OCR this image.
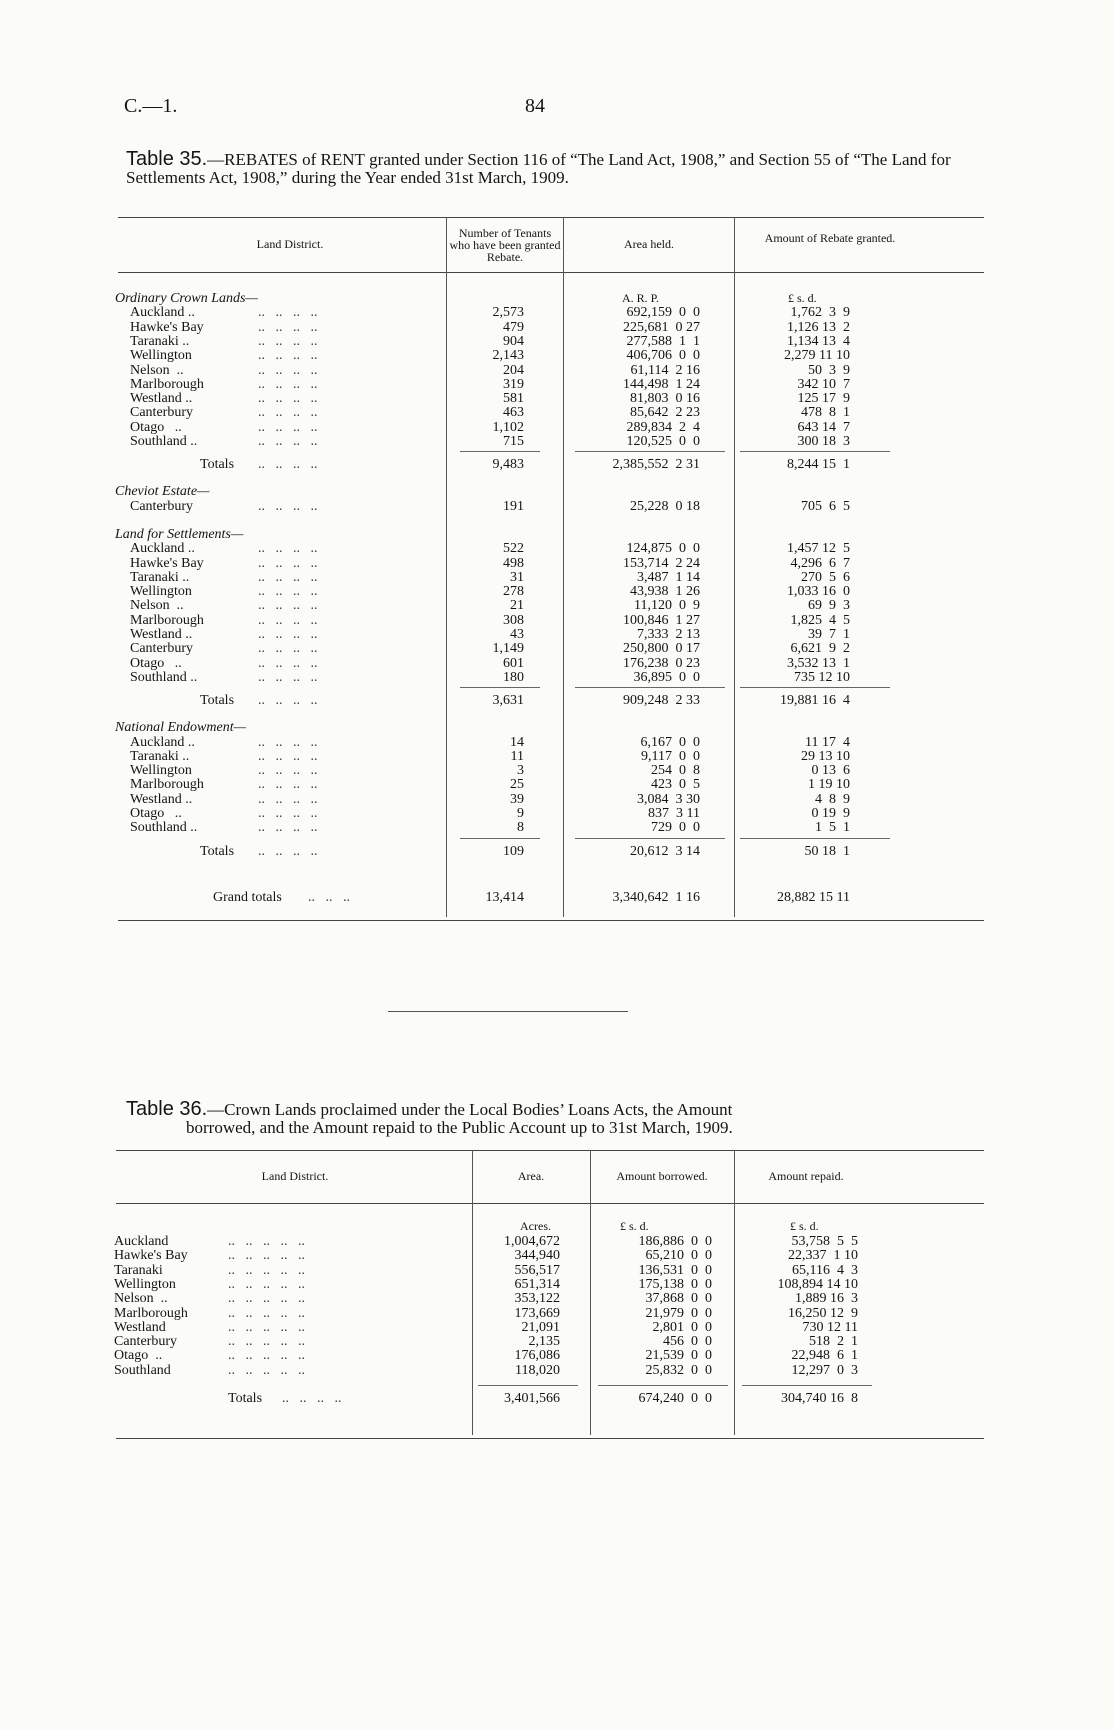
C.—1.	84
Table 35.—REBATES of RENT granted under Section 116 of “The Land Act, 1908,” and Section 55 of “The Land for Settlements Act, 1908,” during the Year ended 31st March, 1909.
Land District.
Number of Tenants who have been granted Rebate.
Area held.	Amount of Rebate granted.
A. R. P.	£ s. d.
Ordinary Crown Lands—
Auckland ..	..   ..   ..   ..	2,573	692,159  0  0	1,762  3  9
Hawke's Bay	..   ..   ..   ..	479	225,681  0 27	1,126 13  2
Taranaki ..	..   ..   ..   ..	904	277,588  1  1	1,134 13  4
Wellington	..   ..   ..   ..	2,143	406,706  0  0	2,279 11 10
Nelson  ..	..   ..   ..   ..	204	61,114  2 16	50  3  9
Marlborough	..   ..   ..   ..	319	144,498  1 24	342 10  7
Westland ..	..   ..   ..   ..	581	81,803  0 16	125 17  9
Canterbury	..   ..   ..   ..	463	85,642  2 23	478  8  1
Otago   ..	..   ..   ..   ..	1,102	289,834  2  4	643 14  7
Southland ..	..   ..   ..   ..	715	120,525  0  0	300 18  3
Totals ..   ..   ..   ..	9,483	2,385,552  2 31	8,244 15  1
Cheviot Estate—
Canterbury	..   ..   ..   ..	191	25,228  0 18	705  6  5
Land for Settlements—
Auckland ..	..   ..   ..   ..	522	124,875  0  0	1,457 12  5
Hawke's Bay	..   ..   ..   ..	498	153,714  2 24	4,296  6  7
Taranaki ..	..   ..   ..   ..	31	3,487  1 14	270  5  6
Wellington	..   ..   ..   ..	278	43,938  1 26	1,033 16  0
Nelson  ..	..   ..   ..   ..	21	11,120  0  9	69  9  3
Marlborough	..   ..   ..   ..	308	100,846  1 27	1,825  4  5
Westland ..	..   ..   ..   ..	43	7,333  2 13	39  7  1
Canterbury	..   ..   ..   ..	1,149	250,800  0 17	6,621  9  2
Otago   ..	..   ..   ..   ..	601	176,238  0 23	3,532 13  1
Southland ..	..   ..   ..   ..	180	36,895  0  0	735 12 10
Totals ..   ..   ..   ..	3,631	909,248  2 33	19,881 16  4
National Endowment—
Auckland ..	..   ..   ..   ..	14	6,167  0  0	11 17  4
Taranaki ..	..   ..   ..   ..	11	9,117  0  0	29 13 10
Wellington	..   ..   ..   ..	3	254  0  8	0 13  6
Marlborough	..   ..   ..   ..	25	423  0  5	1 19 10
Westland ..	..   ..   ..   ..	39	3,084  3 30	4  8  9
Otago   ..	..   ..   ..   ..	9	837  3 11	0 19  9
Southland ..	..   ..   ..   ..	8	729  0  0	1  5  1
Totals ..   ..   ..   ..	109	20,612  3 14	50 18  1
Grand totals ..   ..   ..	13,414	3,340,642  1 16	28,882 15 11
Table 36.—Crown Lands proclaimed under the Local Bodies’ Loans Acts, the Amount
borrowed, and the Amount repaid to the Public Account up to 31st March, 1909.
Land District.	Area.	Amount borrowed.	Amount repaid.
Acres.	£ s. d.	£ s. d.
Auckland	..   ..   ..   ..   ..	1,004,672	186,886  0  0	53,758  5  5
Hawke's Bay	..   ..   ..   ..   ..	344,940	65,210  0  0	22,337  1 10
Taranaki	..   ..   ..   ..   ..	556,517	136,531  0  0	65,116  4  3
Wellington	..   ..   ..   ..   ..	651,314	175,138  0  0	108,894 14 10
Nelson  ..	..   ..   ..   ..   ..	353,122	37,868  0  0	1,889 16  3
Marlborough	..   ..   ..   ..   ..	173,669	21,979  0  0	16,250 12  9
Westland	..   ..   ..   ..   ..	21,091	2,801  0  0	730 12 11
Canterbury	..   ..   ..   ..   ..	2,135	456  0  0	518  2  1
Otago  ..	..   ..   ..   ..   ..	176,086	21,539  0  0	22,948  6  1
Southland	..   ..   ..   ..   ..	118,020	25,832  0  0	12,297  0  3
Totals ..   ..   ..   ..	3,401,566	674,240  0  0	304,740 16  8
